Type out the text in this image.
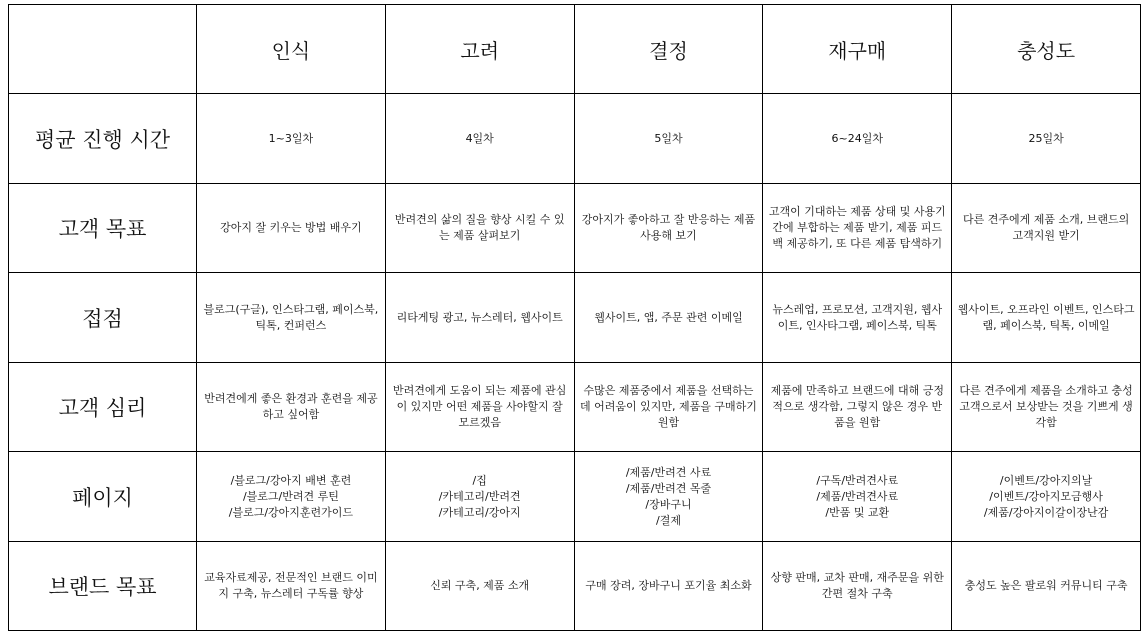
	인식	고려	결정	재구매	충성도
평균 진행 시간	1~3일차	4일차	5일차	6~24일차	25일차

고객 목표	강아지 잘 키우는 방법 배우기	반려견의 삶의 질을 향상 시킬 수 있
는 제품 살펴보기	강아지가 좋아하고 잘 반응하는 제품
사용해 보기	고객이 기대하는 제품 상태 및 사용기
간에 부합하는 제품 받기, 제품 피드
백 제공하기, 또 다른 제품 탐색하기	다른 견주에게 제품 소개, 브랜드의
고객지원 받기

접점	블로그(구글), 인스타그램, 페이스북,
틱톡, 컨퍼런스	리타게팅 광고, 뉴스레터, 웹사이트	웹사이트, 앱, 주문 관련 이메일	뉴스레업, 프로모션, 고객지원, 웹사
이트, 인사타그램, 페이스북, 틱톡	웹사이트, 오프라인 이벤트, 인스타그
램, 페이스북, 틱톡, 이메일

고객 심리	반려견에게 좋은 환경과 훈련을 제공
하고 싶어함	반려견에게 도움이 되는 제품에 관심
이 있지만 어떤 제품을 사야할지 잘
모르겠음	수많은 제품중에서 제품을 선택하는
데 어려움이 있지만, 제품을 구매하기
원함	제품에 만족하고 브랜드에 대해 긍정
적으로 생각함, 그렇지 않은 경우 반
품을 원함	다른 견주에게 제품을 소개하고 충성
고객으로서 보상받는 것을 기쁘게 생
각함

페이지	/블로그/강아지 배변 훈련
/블로그/반려견 루틴
/블로그/강아지훈련가이드	/집
/카테고리/반려견
/카테고리/강아지	/제품/반려견 사료
/제품/반려견 목줄
/장바구니
/결제	/구독/반려견사료
/제품/반려견사료
/반품 및 교환	/이벤트/강아지의날
/이벤트/강아지모금행사
/제품/강아지이갈이장난감

브랜드 목표	교육자료제공, 전문적인 브랜드 이미
지 구축, 뉴스레터 구독률 향상	신뢰 구축, 제품 소개	구매 장려, 장바구니 포기율 최소화	상향 판매, 교차 판매, 재주문을 위한
간편 절차 구축	충성도 높은 팔로워 커뮤니티 구축
